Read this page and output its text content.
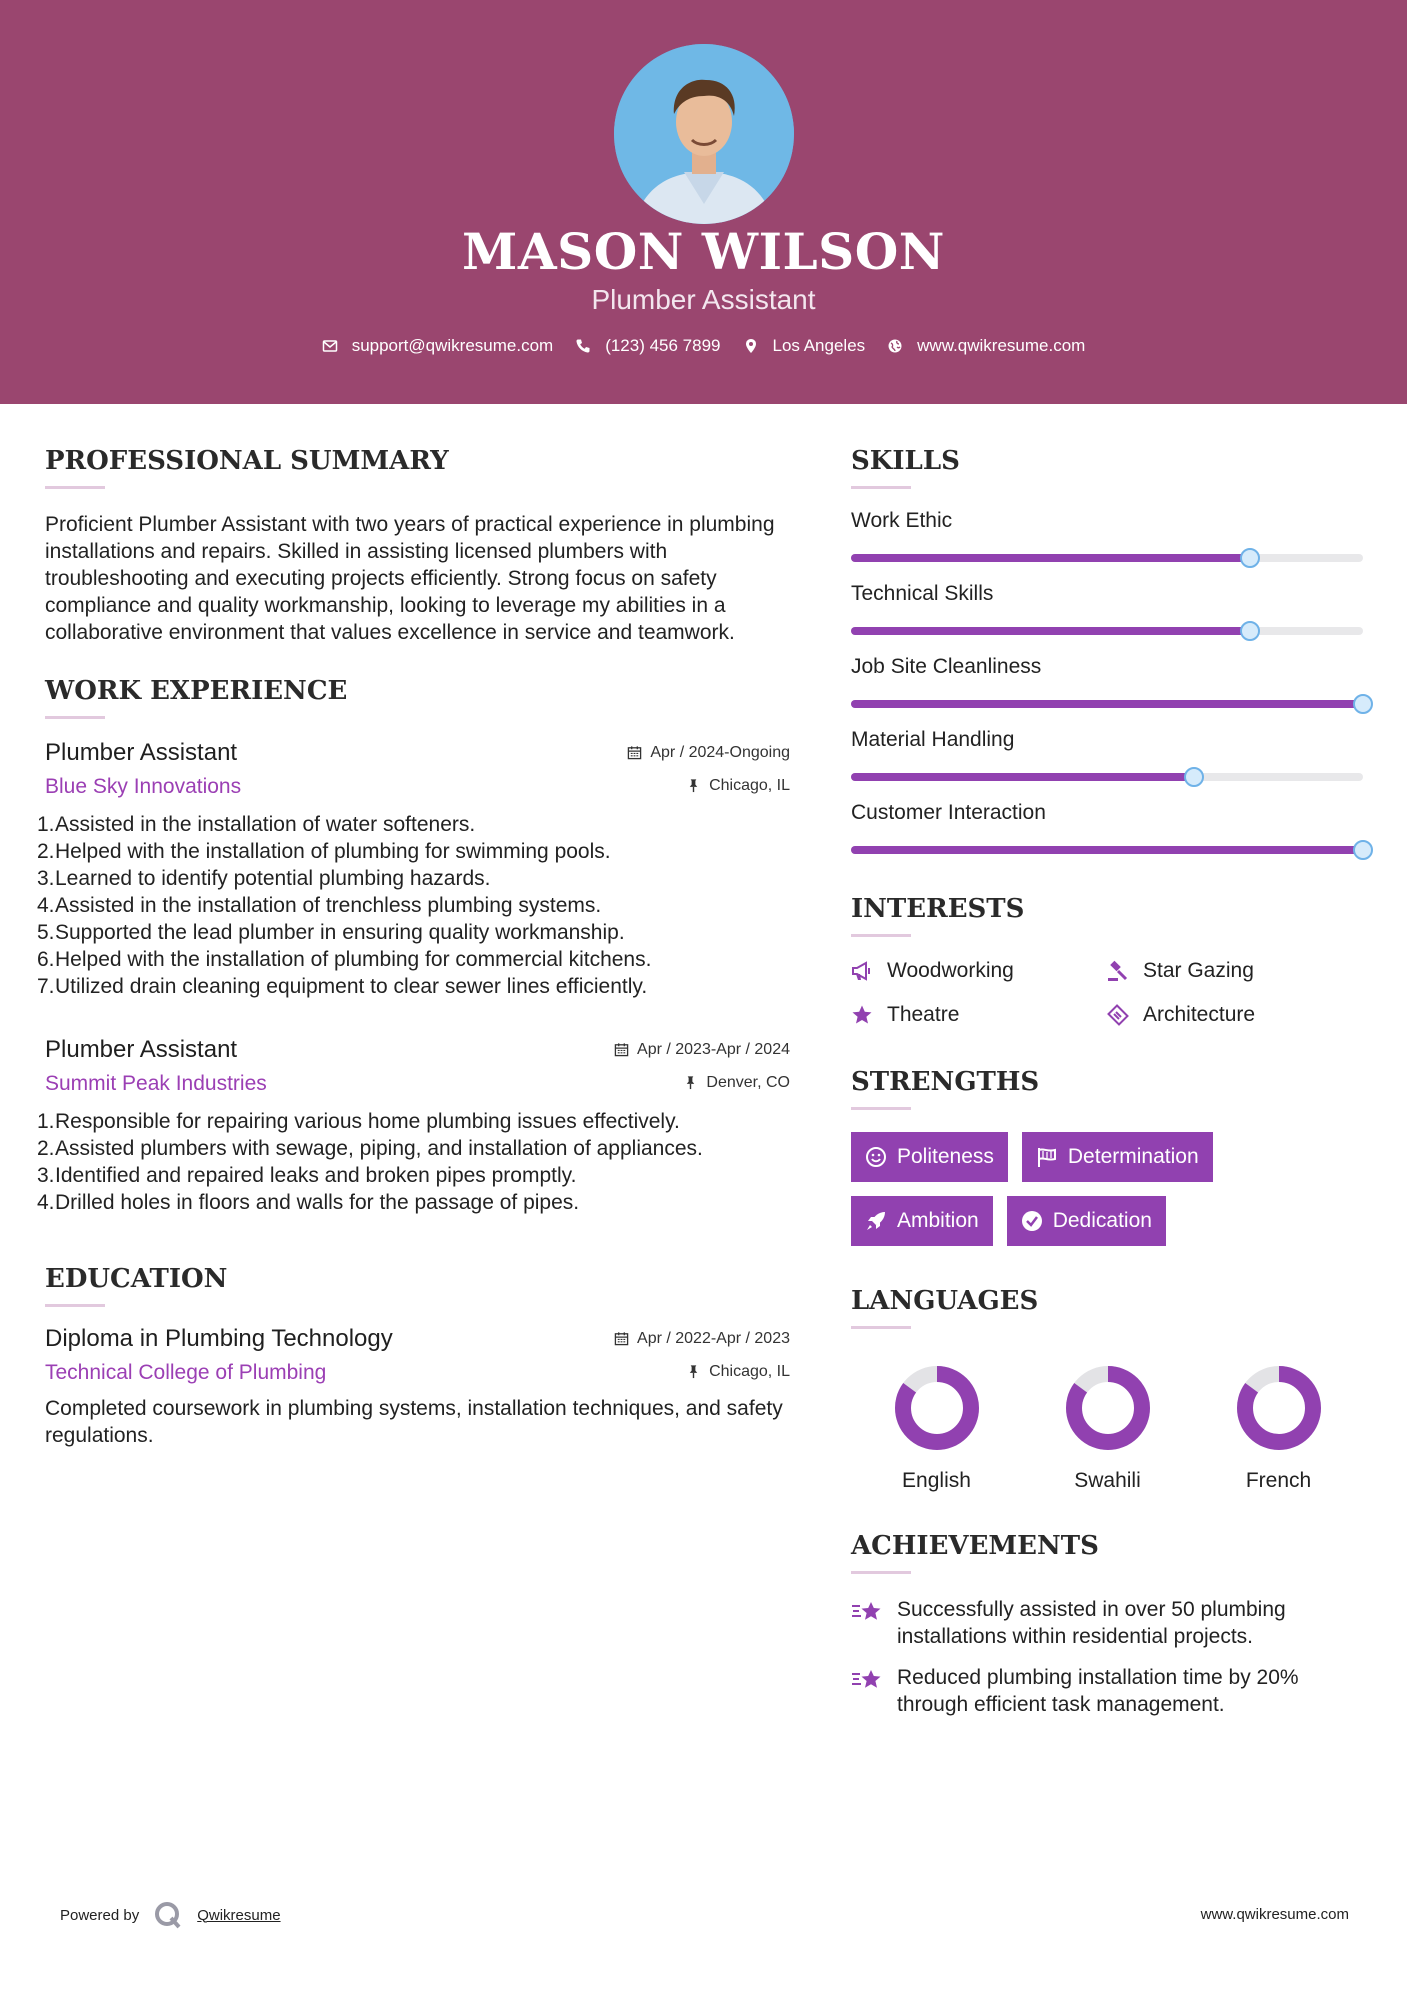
MASON WILSON
Plumber Assistant
support@qwikresume.com	(123) 456 7899	Los Angeles	www.qwikresume.com
PROFESSIONAL SUMMARY

Proficient Plumber Assistant with two years of practical experience in plumbing installations and repairs. Skilled in assisting licensed plumbers with troubleshooting and executing projects efficiently. Strong focus on safety compliance and quality workmanship, looking to leverage my abilities in a collaborative environment that values excellence in service and teamwork.

WORK EXPERIENCE
Plumber Assistant	Apr / 2024-Ongoing
Blue Sky Innovations	Chicago, IL
1. Assisted in the installation of water softeners.
2. Helped with the installation of plumbing for swimming pools.
3. Learned to identify potential plumbing hazards.
4. Assisted in the installation of trenchless plumbing systems.
5. Supported the lead plumber in ensuring quality workmanship.
6. Helped with the installation of plumbing for commercial kitchens.
7. Utilized drain cleaning equipment to clear sewer lines efficiently.
Plumber Assistant	Apr / 2023-Apr / 2024
Summit Peak Industries	Denver, CO
1. Responsible for repairing various home plumbing issues effectively.
2. Assisted plumbers with sewage, piping, and installation of appliances.
3. Identified and repaired leaks and broken pipes promptly.
4. Drilled holes in floors and walls for the passage of pipes.
EDUCATION
Diploma in Plumbing Technology	Apr / 2022-Apr / 2023
Technical College of Plumbing	Chicago, IL

Completed coursework in plumbing systems, installation techniques, and safety regulations.

SKILLS
Work Ethic
Technical Skills
Job Site Cleanliness
Material Handling
Customer Interaction
INTERESTS
Woodworking	Star Gazing
Theatre	Architecture
STRENGTHS
Politeness	Determination
Ambition	Dedication
LANGUAGES
English	Swahili	French
ACHIEVEMENTS
Successfully assisted in over 50 plumbing installations within residential projects.
Reduced plumbing installation time by 20% through efficient task management.
Powered by	Qwikresume	www.qwikresume.com
